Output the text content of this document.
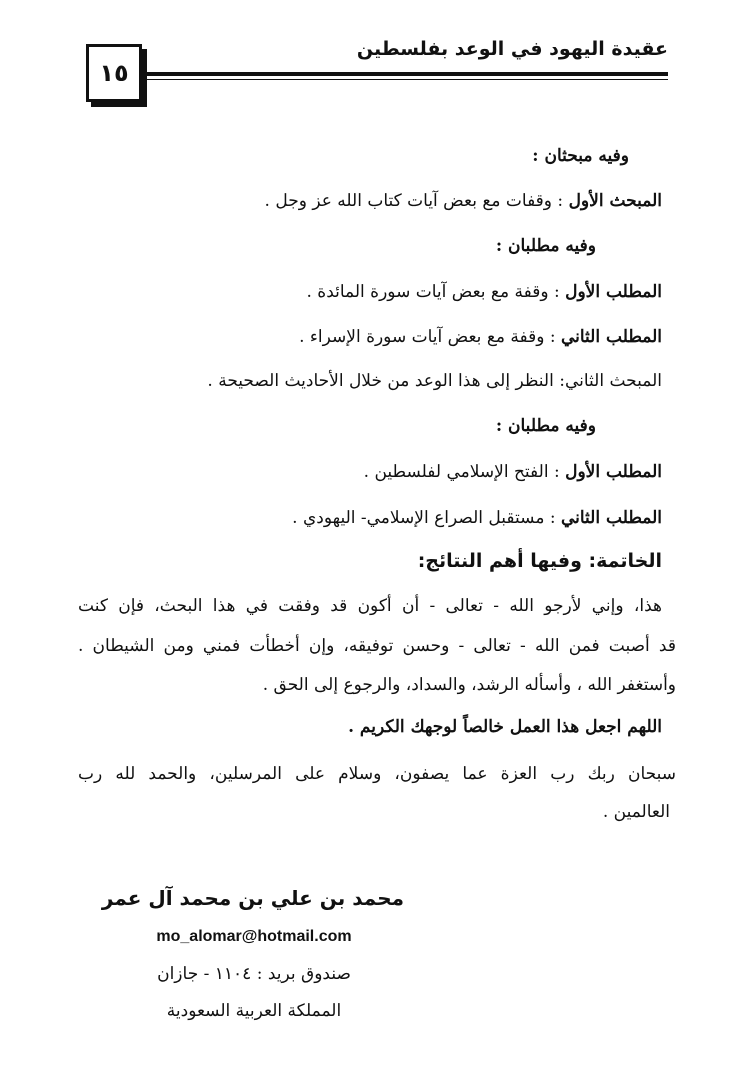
عقيدة اليهود في الوعد بفلسطين
١٥
وفيه مبحثان :
المبحث الأول : وقفات مع بعض آيات كتاب الله عز وجل .
وفيه مطلبان :
المطلب الأول : وقفة مع بعض آيات سورة المائدة .
المطلب الثاني : وقفة مع بعض آيات سورة الإسراء .
المبحث الثاني: النظر إلى هذا الوعد من خلال الأحاديث الصحيحة .
وفيه مطلبان :
المطلب الأول : الفتح الإسلامي لفلسطين .
المطلب الثاني : مستقبل الصراع الإسلامي- اليهودي .
الخاتمة: وفيها أهم النتائج:
هذا، وإني لأرجو الله - تعالى - أن أكون قد وفقت في هذا البحث، فإن كنت
قد أصبت فمن الله - تعالى - وحسن توفيقه، وإن أخطأت فمني ومن الشيطان .
وأستغفر الله ، وأسأله الرشد، والسداد، والرجوع إلى الحق .
اللهم اجعل هذا العمل خالصاً لوجهك الكريم .
سبحان ربك رب العزة عما يصفون، وسلام على المرسلين، والحمد لله رب
العالمين .
محمد بن علي بن محمد آل عمر
mo_alomar@hotmail.com
صندوق بريد : ١١٠٤ - جازان
المملكة العربية السعودية
